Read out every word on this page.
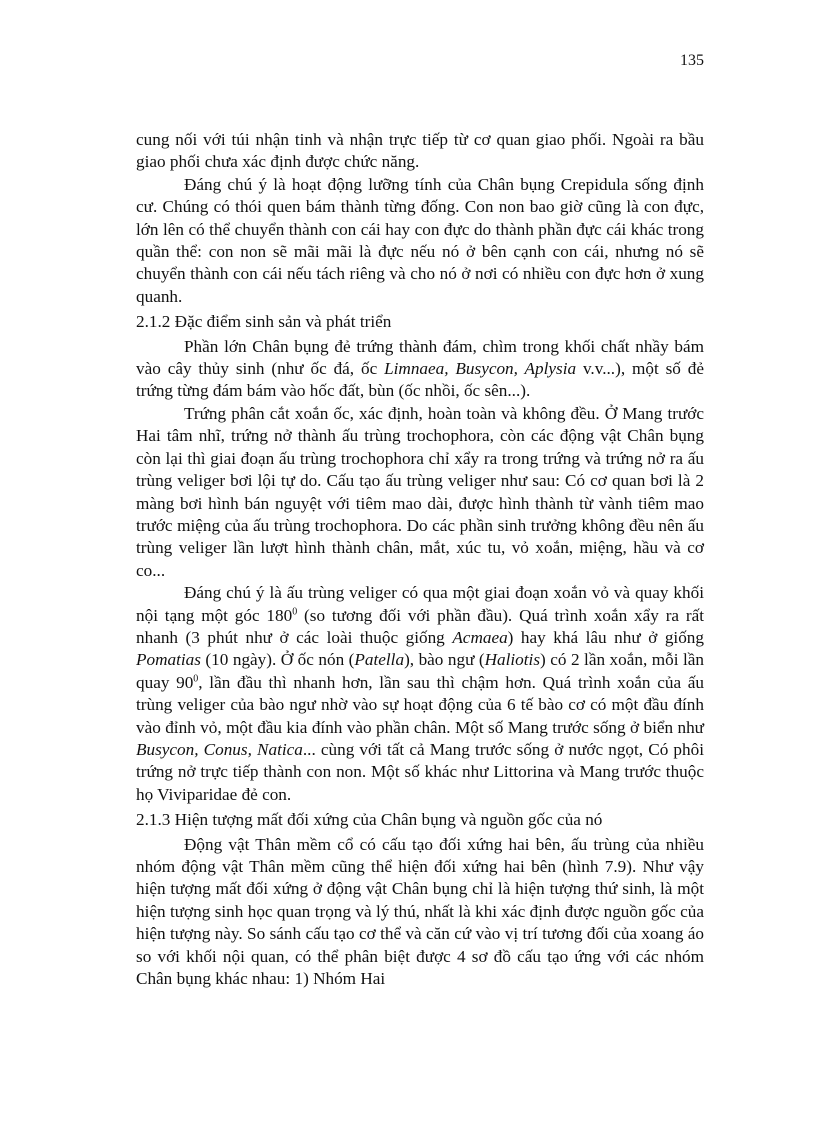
135

cung nối với túi nhận tinh và nhận trực tiếp từ cơ quan giao phối. Ngoài ra bầu giao phối chưa xác định được chức năng.

Đáng chú ý là hoạt động lưỡng tính của Chân bụng Crepidula sống định cư. Chúng có thói quen bám thành từng đống. Con non bao giờ cũng là con đực, lớn lên có thể chuyển thành con cái hay con đực do thành phần đực cái khác trong quần thể: con non sẽ mãi mãi là đực nếu nó ở bên cạnh con cái, nhưng nó sẽ chuyển thành con cái nếu tách riêng và cho nó ở nơi có nhiều con đực hơn ở xung quanh.

2.1.2 Đặc điểm sinh sản và phát triển

Phần lớn Chân bụng đẻ trứng thành đám, chìm trong khối chất nhầy bám vào cây thủy sinh (như ốc đá, ốc Limnaea, Busycon, Aplysia v.v...), một số đẻ trứng từng đám bám vào hốc đất, bùn (ốc nhồi, ốc sên...).

Trứng phân cắt xoắn ốc, xác định, hoàn toàn và không đều. Ở Mang trước Hai tâm nhĩ, trứng nở thành ấu trùng trochophora, còn các động vật Chân bụng còn lại thì giai đoạn ấu trùng trochophora chỉ xẩy ra trong trứng và trứng nở ra ấu trùng veliger bơi lội tự do. Cấu tạo ấu trùng veliger như sau: Có cơ quan bơi là 2 màng bơi hình bán nguyệt với tiêm mao dài, được hình thành từ vành tiêm mao trước miệng của ấu trùng trochophora. Do các phần sinh trưởng không đều nên ấu trùng veliger lần lượt hình thành chân, mắt, xúc tu, vỏ xoắn, miệng, hầu và cơ co...

Đáng chú ý là ấu trùng veliger có qua một giai đoạn xoắn vỏ và quay khối nội tạng một góc $180^0$ (so tương đối với phần đầu). Quá trình xoắn xẩy ra rất nhanh (3 phút như ở các loài thuộc giống Acmaea) hay khá lâu như ở giống Pomatias (10 ngày). Ở ốc nón (Patella), bào ngư (Haliotis) có 2 lần xoắn, mỗi lần quay $90^0$, lần đầu thì nhanh hơn, lần sau thì chậm hơn. Quá trình xoắn của ấu trùng veliger của bào ngư nhờ vào sự hoạt động của 6 tế bào cơ có một đầu đính vào đỉnh vỏ, một đầu kia đính vào phần chân. Một số Mang trước sống ở biển như Busycon, Conus, Natica... cùng với tất cả Mang trước sống ở nước ngọt, Có phôi trứng nở trực tiếp thành con non. Một số khác như Littorina và Mang trước thuộc họ Viviparidae đẻ con.

2.1.3 Hiện tượng mất đối xứng của Chân bụng và nguồn gốc của nó

Động vật Thân mềm cổ có cấu tạo đối xứng hai bên, ấu trùng của nhiều nhóm động vật Thân mềm cũng thể hiện đối xứng hai bên (hình 7.9). Như vậy hiện tượng mất đối xứng ở động vật Chân bụng chỉ là hiện tượng thứ sinh, là một hiện tượng sinh học quan trọng và lý thú, nhất là khi xác định được nguồn gốc của hiện tượng này. So sánh cấu tạo cơ thể và căn cứ vào vị trí tương đối của xoang áo so với khối nội quan, có thể phân biệt được 4 sơ đồ cấu tạo ứng với các nhóm Chân bụng khác nhau: 1) Nhóm Hai
